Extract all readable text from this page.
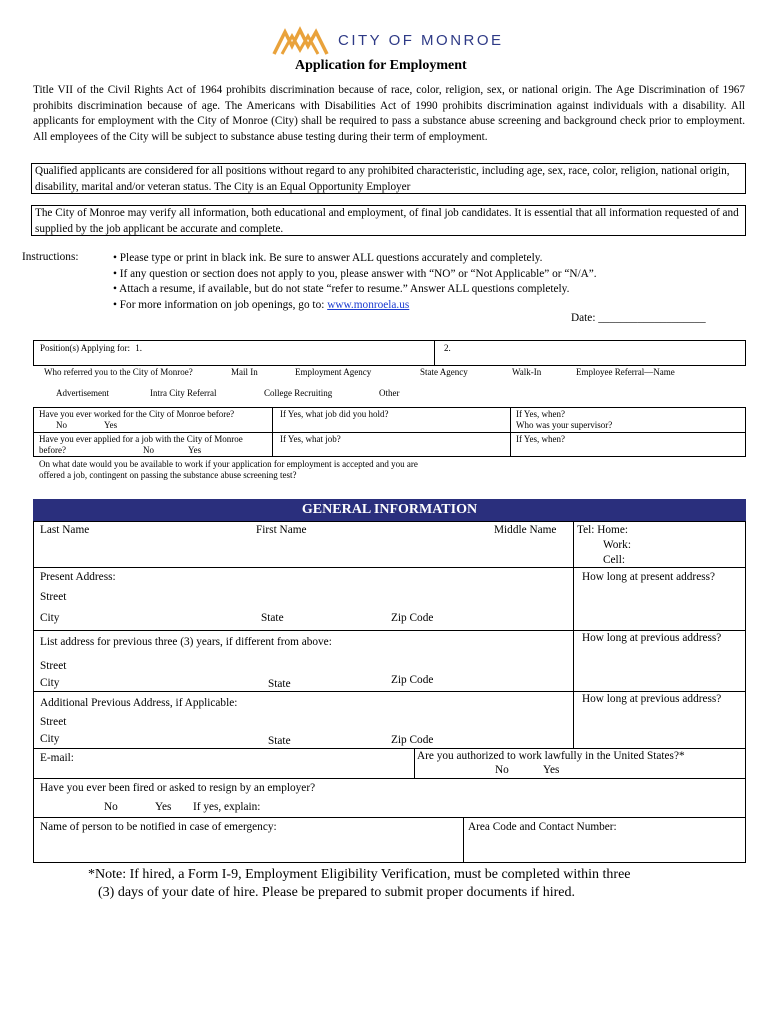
CITY OF MONROE
Application for Employment
Title VII of the Civil Rights Act of 1964 prohibits discrimination because of race, color, religion, sex, or national origin. The Age Discrimination of 1967 prohibits discrimination because of age. The Americans with Disabilities Act of 1990 prohibits discrimination against individuals with a disability. All applicants for employment with the City of Monroe (City) shall be required to pass a substance abuse screening and background check prior to employment. All employees of the City will be subject to substance abuse testing during their term of employment.
Qualified applicants are considered for all positions without regard to any prohibited characteristic, including age, sex, race, color, religion, national origin, disability, marital and/or veteran status. The City is an Equal Opportunity Employer
The City of Monroe may verify all information, both educational and employment, of final job candidates. It is essential that all information requested of and supplied by the job applicant be accurate and complete.
Instructions:	• Please type or print in black ink. Be sure to answer ALL questions accurately and completely.
• If any question or section does not apply to you, please answer with “NO” or “Not Applicable” or “N/A”.
• Attach a resume, if available, but do not state “refer to resume.” Answer ALL questions completely.
• For more information on job openings, go to: www.monroela.us
Date: ___________________
Position(s) Applying for: 1.	2.
Who referred you to the City of Monroe?	Mail In	Employment Agency	State Agency	Walk-In	Employee Referral—Name
Advertisement	Intra City Referral	College Recruiting	Other
Have you ever worked for the City of Monroe before?
No	Yes
If Yes, what job did you hold?	If Yes, when?
Who was your supervisor?
Have you ever applied for a job with the City of Monroe before?	No	Yes
If Yes, what job?	If Yes, when?
On what date would you be available to work if your application for employment is accepted and you are offered a job, contingent on passing the substance abuse screening test?
GENERAL INFORMATION
Last Name	First Name	Middle Name Tel: Home:
Work:
Cell:
Present Address:	How long at present address?
Street
City	State	Zip Code
List address for previous three (3) years, if different from above:	How long at previous address?
Street
City	State	Zip Code
Additional Previous Address, if Applicable:	How long at previous address?
Street
City	State	Zip Code
E-mail:	Are you authorized to work lawfully in the United States?*
No	Yes
Have you ever been fired or asked to resign by an employer?
No	Yes If yes, explain:
Name of person to be notified in case of emergency:	Area Code and Contact Number:
*Note: If hired, a Form I-9, Employment Eligibility Verification, must be completed within three
(3) days of your date of hire. Please be prepared to submit proper documents if hired.
